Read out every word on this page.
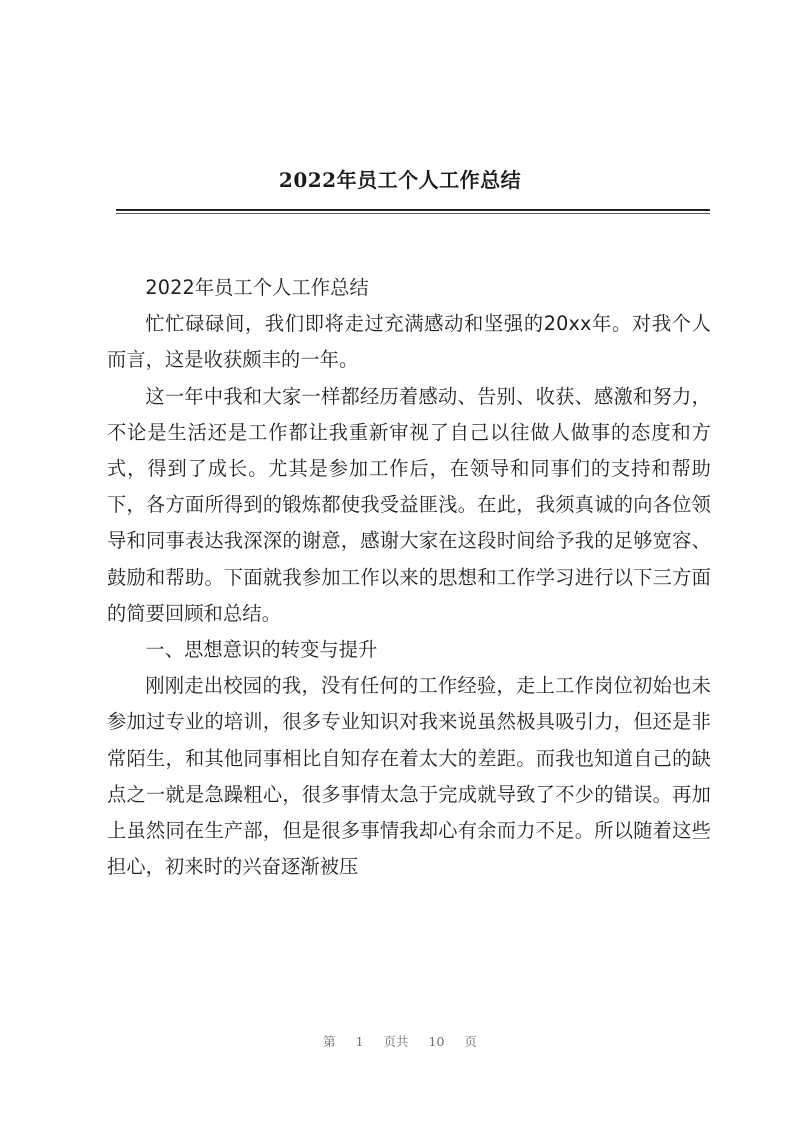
2022年员工个人工作总结

2022年员工个人工作总结

忙忙碌碌间，我们即将走过充满感动和坚强的20xx年。对我个人而言，这是收获颇丰的一年。

这一年中我和大家一样都经历着感动、告别、收获、感激和努力，不论是生活还是工作都让我重新审视了自己以往做人做事的态度和方式，得到了成长。尤其是参加工作后，在领导和同事们的支持和帮助下，各方面所得到的锻炼都使我受益匪浅。在此，我须真诚的向各位领导和同事表达我深深的谢意，感谢大家在这段时间给予我的足够宽容、鼓励和帮助。下面就我参加工作以来的思想和工作学习进行以下三方面的简要回顾和总结。

一、思想意识的转变与提升

刚刚走出校园的我，没有任何的工作经验，走上工作岗位初始也未参加过专业的培训，很多专业知识对我来说虽然极具吸引力，但还是非常陌生，和其他同事相比自知存在着太大的差距。而我也知道自己的缺点之一就是急躁粗心，很多事情太急于完成就导致了不少的错误。再加上虽然同在生产部，但是很多事情我却心有余而力不足。所以随着这些担心，初来时的兴奋逐渐被压

第 1 页共 10 页
